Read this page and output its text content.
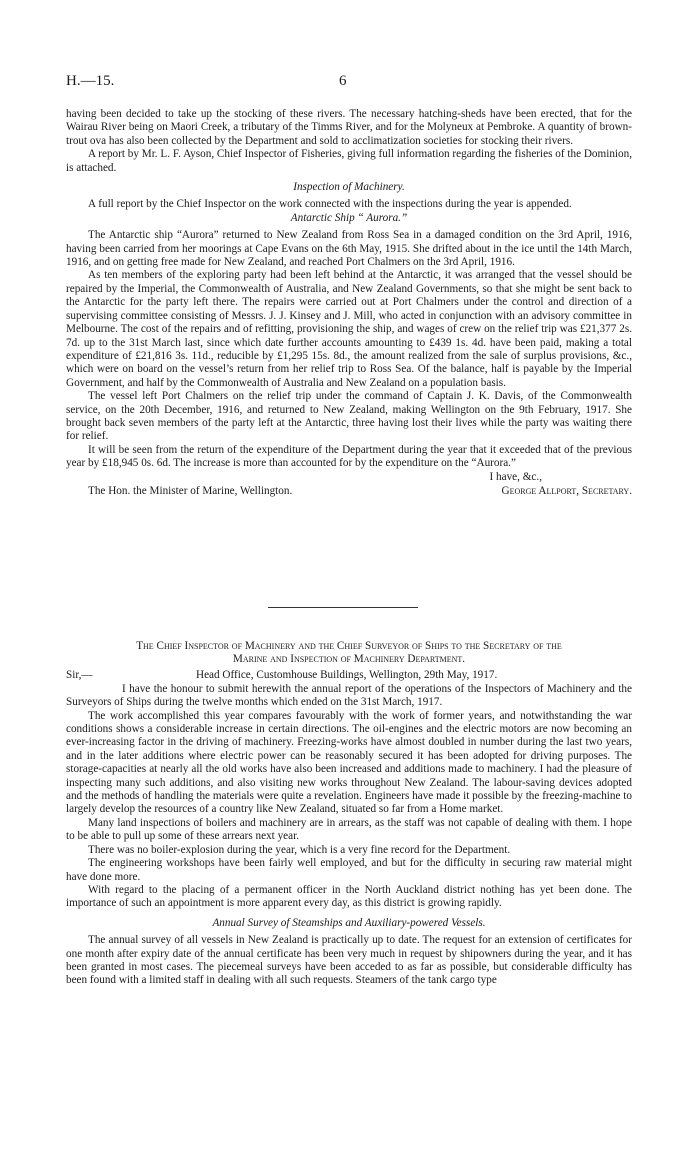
H.—15.	6

having been decided to take up the stocking of these rivers. The necessary hatching-sheds have been erected, that for the Wairau River being on Maori Creek, a tributary of the Timms River, and for the Molyneux at Pembroke. A quantity of brown-trout ova has also been collected by the Department and sold to acclimatization societies for stocking their rivers.

A report by Mr. L. F. Ayson, Chief Inspector of Fisheries, giving full information regarding the fisheries of the Dominion, is attached.

Inspection of Machinery.

A full report by the Chief Inspector on the work connected with the inspections during the year is appended.

Antarctic Ship “ Aurora.”

The Antarctic ship “Aurora” returned to New Zealand from Ross Sea in a damaged condition on the 3rd April, 1916, having been carried from her moorings at Cape Evans on the 6th May, 1915. She drifted about in the ice until the 14th March, 1916, and on getting free made for New Zealand, and reached Port Chalmers on the 3rd April, 1916.

As ten members of the exploring party had been left behind at the Antarctic, it was arranged that the vessel should be repaired by the Imperial, the Commonwealth of Australia, and New Zealand Governments, so that she might be sent back to the Antarctic for the party left there. The repairs were carried out at Port Chalmers under the control and direction of a supervising committee consisting of Messrs. J. J. Kinsey and J. Mill, who acted in conjunction with an advisory committee in Melbourne. The cost of the repairs and of refitting, provisioning the ship, and wages of crew on the relief trip was £21,377 2s. 7d. up to the 31st March last, since which date further accounts amounting to £439 1s. 4d. have been paid, making a total expenditure of £21,816 3s. 11d., reducible by £1,295 15s. 8d., the amount realized from the sale of surplus provisions, &c., which were on board on the vessel’s return from her relief trip to Ross Sea. Of the balance, half is payable by the Imperial Government, and half by the Commonwealth of Australia and New Zealand on a population basis.

The vessel left Port Chalmers on the relief trip under the command of Captain J. K. Davis, of the Commonwealth service, on the 20th December, 1916, and returned to New Zealand, making Wellington on the 9th February, 1917. She brought back seven members of the party left at the Antarctic, three having lost their lives while the party was waiting there for relief.

It will be seen from the return of the expenditure of the Department during the year that it exceeded that of the previous year by £18,945 0s. 6d. The increase is more than accounted for by the expenditure on the “Aurora.”

I have, &c.,
The Hon. the Minister of Marine, Wellington.	George Allport, Secretary.

The Chief Inspector of Machinery and the Chief Surveyor of Ships to the Secretary of the

Marine and Inspection of Machinery Department.

Sir,—	Head Office, Customhouse Buildings, Wellington, 29th May, 1917.

I have the honour to submit herewith the annual report of the operations of the Inspectors of Machinery and the Surveyors of Ships during the twelve months which ended on the 31st March, 1917.

The work accomplished this year compares favourably with the work of former years, and notwithstanding the war conditions shows a considerable increase in certain directions. The oil-engines and the electric motors are now becoming an ever-increasing factor in the driving of machinery. Freezing-works have almost doubled in number during the last two years, and in the later additions where electric power can be reasonably secured it has been adopted for driving purposes. The storage-capacities at nearly all the old works have also been increased and additions made to machinery. I had the pleasure of inspecting many such additions, and also visiting new works throughout New Zealand. The labour-saving devices adopted and the methods of handling the materials were quite a revelation. Engineers have made it possible by the freezing-machine to largely develop the resources of a country like New Zealand, situated so far from a Home market.

Many land inspections of boilers and machinery are in arrears, as the staff was not capable of dealing with them. I hope to be able to pull up some of these arrears next year.

There was no boiler-explosion during the year, which is a very fine record for the Department.

The engineering workshops have been fairly well employed, and but for the difficulty in securing raw material might have done more.

With regard to the placing of a permanent officer in the North Auckland district nothing has yet been done. The importance of such an appointment is more apparent every day, as this district is growing rapidly.

Annual Survey of Steamships and Auxiliary-powered Vessels.

The annual survey of all vessels in New Zealand is practically up to date. The request for an extension of certificates for one month after expiry date of the annual certificate has been very much in request by shipowners during the year, and it has been granted in most cases. The piecemeal surveys have been acceded to as far as possible, but considerable difficulty has been found with a limited staff in dealing with all such requests. Steamers of the tank cargo type
